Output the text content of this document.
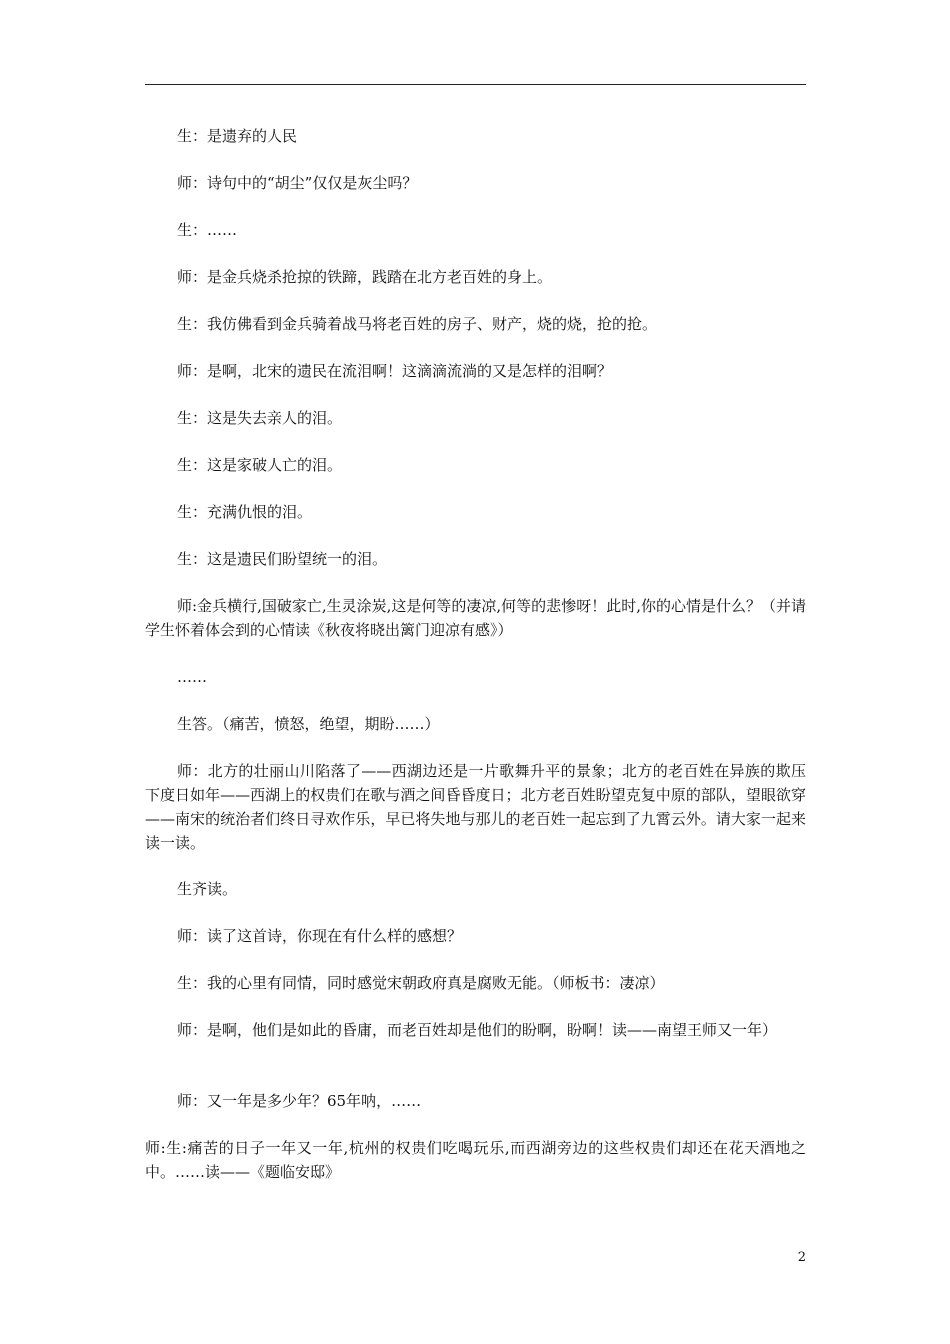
生：是遗弃的人民
师：诗句中的“胡尘”仅仅是灰尘吗？
生：……
师：是金兵烧杀抢掠的铁蹄，践踏在北方老百姓的身上。
生：我仿佛看到金兵骑着战马将老百姓的房子、财产，烧的烧，抢的抢。
师：是啊，北宋的遗民在流泪啊！这滴滴流淌的又是怎样的泪啊？
生：这是失去亲人的泪。
生：这是家破人亡的泪。
生：充满仇恨的泪。
生：这是遗民们盼望统一的泪。
师:金兵横行,国破家亡,生灵涂炭,这是何等的凄凉,何等的悲惨呀！此时,你的心情是什么？（并请学生怀着体会到的心情读《秋夜将晓出篱门迎凉有感》）
……
生答。（痛苦，愤怒，绝望，期盼……）
师：北方的壮丽山川陷落了——西湖边还是一片歌舞升平的景象；北方的老百姓在异族的欺压下度日如年——西湖上的权贵们在歌与酒之间昏昏度日；北方老百姓盼望克复中原的部队，望眼欲穿——南宋的统治者们终日寻欢作乐，早已将失地与那儿的老百姓一起忘到了九霄云外。请大家一起来读一读。
生齐读。
师：读了这首诗，你现在有什么样的感想？
生：我的心里有同情，同时感觉宋朝政府真是腐败无能。（师板书：凄凉）
师：是啊，他们是如此的昏庸，而老百姓却是他们的盼啊，盼啊！读——南望王师又一年）
师：又一年是多少年？65年呐，……
师:生:痛苦的日子一年又一年,杭州的权贵们吃喝玩乐,而西湖旁边的这些权贵们却还在花天酒地之中。……读——《题临安邸》
2
